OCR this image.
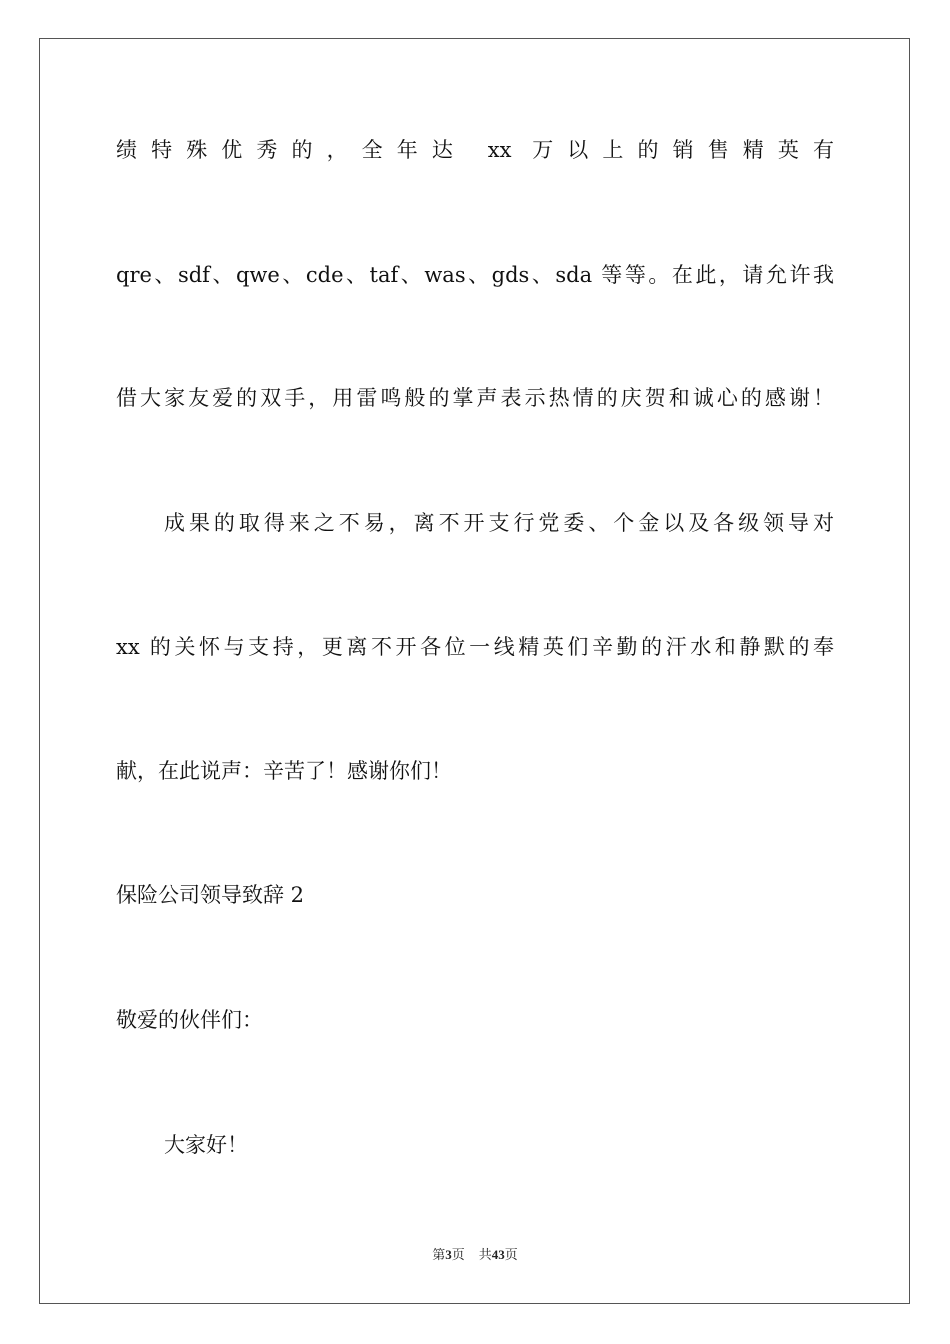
绩特殊优秀的，全年达 xx 万以上的销售精英有
qre、sdf、qwe、cde、taf、was、gds、sda 等等。在此，请允许我
借大家友爱的双手，用雷鸣般的掌声表示热情的庆贺和诚心的感谢！
成果的取得来之不易，离不开支行党委、个金以及各级领导对
xx 的关怀与支持，更离不开各位一线精英们辛勤的汗水和静默的奉
献，在此说声：辛苦了！感谢你们！
保险公司领导致辞 2
敬爱的伙伴们：
大家好！
第3页 共43页
